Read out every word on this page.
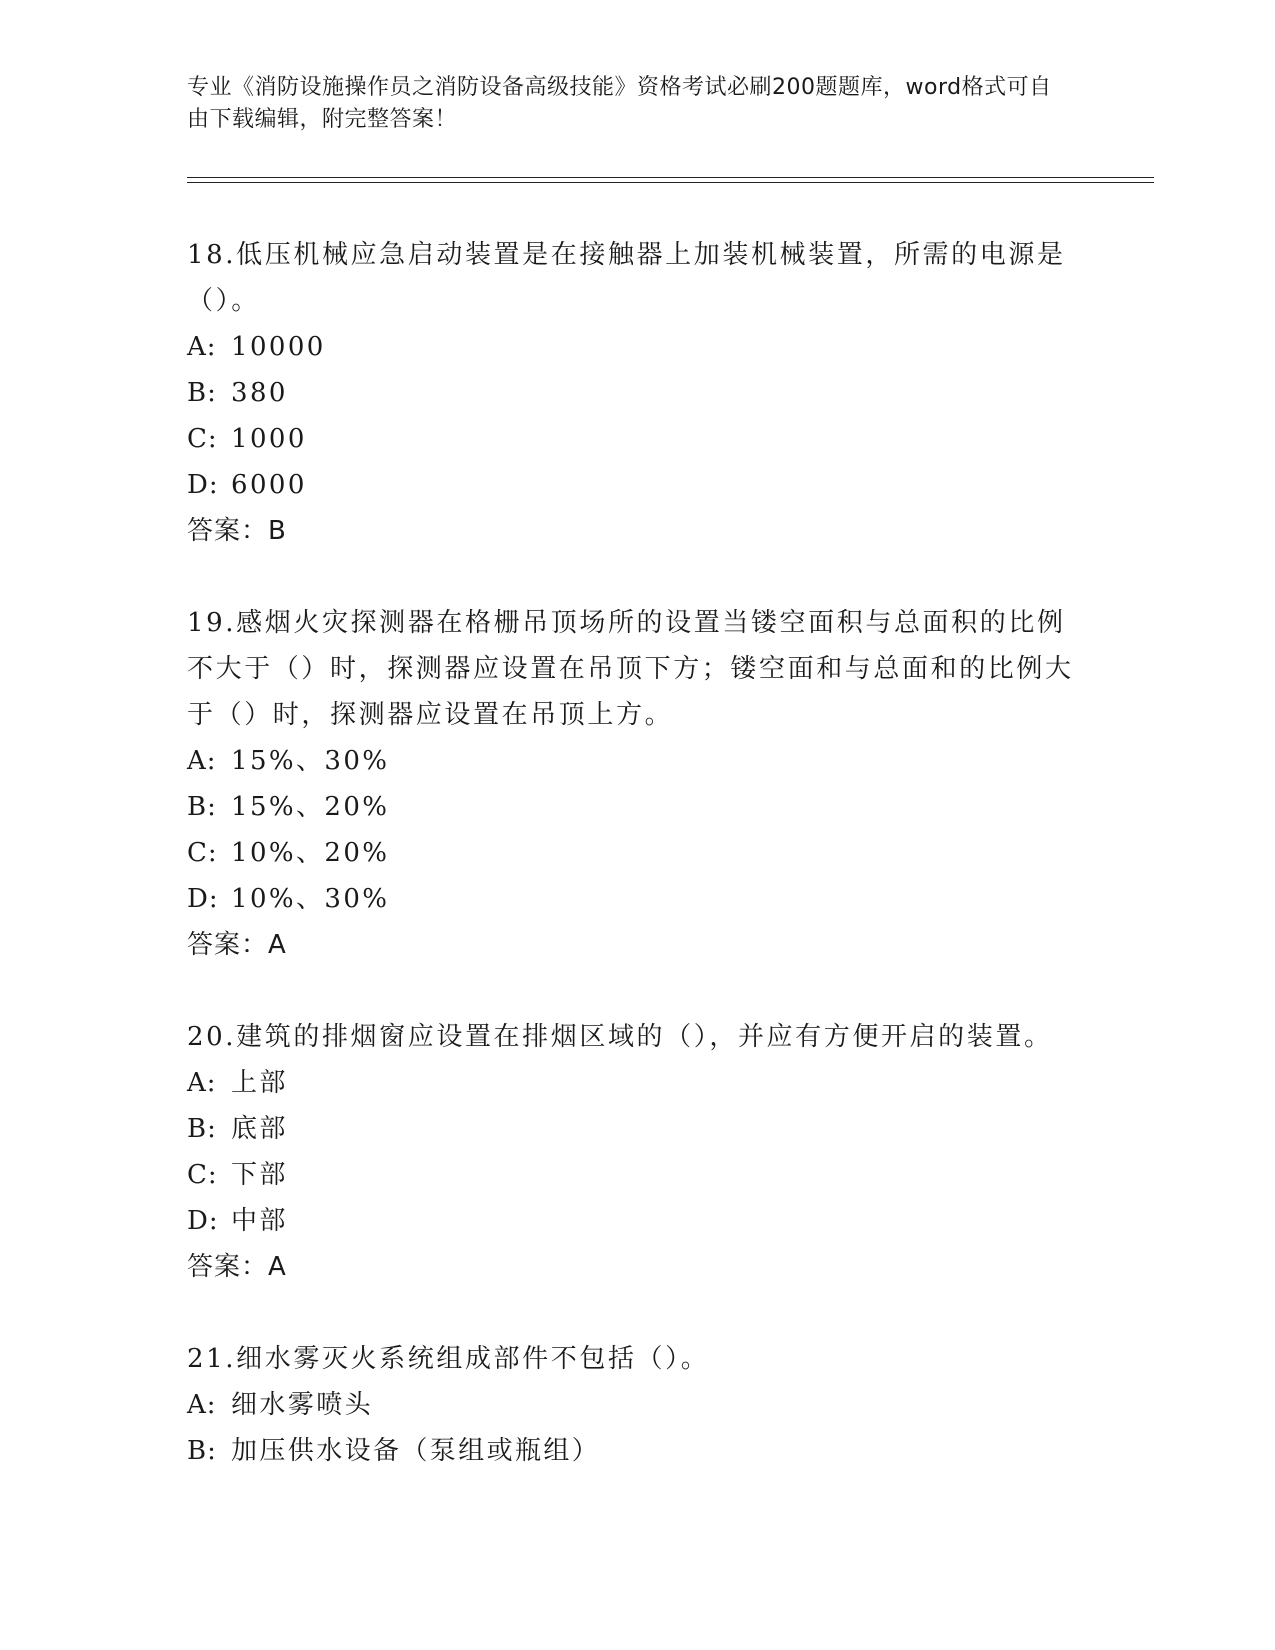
专业《消防设施操作员之消防设备高级技能》资格考试必刷200题题库，word格式可自由下载编辑，附完整答案！

18.低压机械应急启动装置是在接触器上加装机械装置，所需的电源是（）。

A: 10000

B: 380

C: 1000

D: 6000

答案：B

19.感烟火灾探测器在格栅吊顶场所的设置当镂空面积与总面积的比例不大于（）时，探测器应设置在吊顶下方；镂空面和与总面和的比例大于（）时，探测器应设置在吊顶上方。

A: 15%、30%

B: 15%、20%

C: 10%、20%

D: 10%、30%

答案：A

20.建筑的排烟窗应设置在排烟区域的（），并应有方便开启的装置。

A: 上部

B: 底部

C: 下部

D: 中部

答案：A

21.细水雾灭火系统组成部件不包括（）。

A: 细水雾喷头

B: 加压供水设备（泵组或瓶组）
